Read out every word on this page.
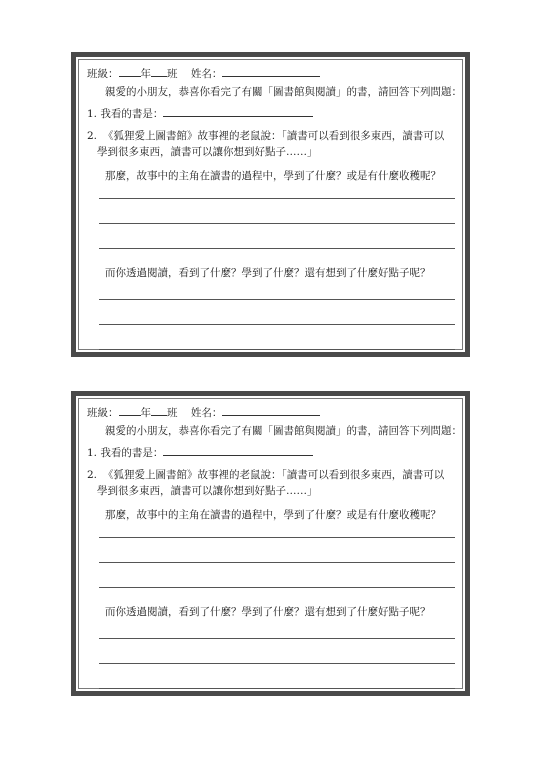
班級： 年 班 姓名：
親愛的小朋友，恭喜你看完了有關「圖書館與閱讀」的書，請回答下列問題：
1. 我看的書是：
2. 《狐狸愛上圖書館》故事裡的老鼠說：「讀書可以看到很多東西，讀書可以
學到很多東西，讀書可以讓你想到好點子……」
那麼，故事中的主角在讀書的過程中，學到了什麼？或是有什麼收穫呢？
而你透過閱讀，看到了什麼？學到了什麼？還有想到了什麼好點子呢？
班級： 年 班 姓名：
親愛的小朋友，恭喜你看完了有關「圖書館與閱讀」的書，請回答下列問題：
1. 我看的書是：
2. 《狐狸愛上圖書館》故事裡的老鼠說：「讀書可以看到很多東西，讀書可以
學到很多東西，讀書可以讓你想到好點子……」
那麼，故事中的主角在讀書的過程中，學到了什麼？或是有什麼收穫呢？
而你透過閱讀，看到了什麼？學到了什麼？還有想到了什麼好點子呢？
